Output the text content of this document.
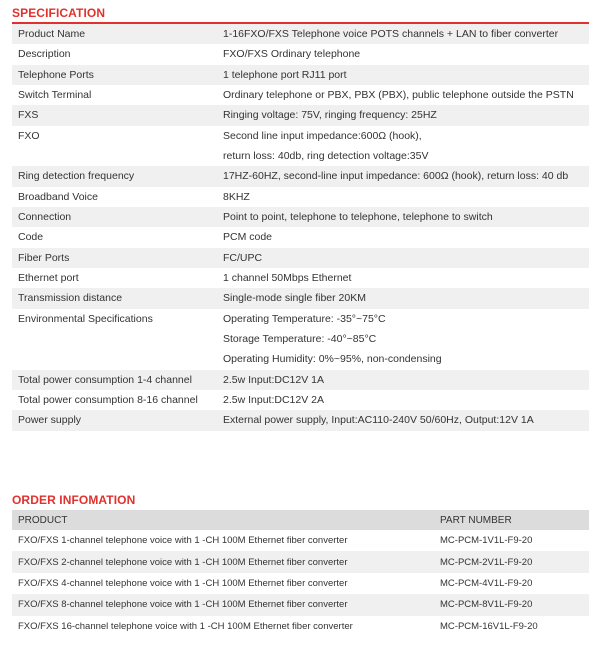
SPECIFICATION
Product Name	1-16FXO/FXS Telephone voice POTS channels + LAN to fiber converter
Description	FXO/FXS Ordinary telephone
Telephone Ports	1 telephone port RJ11 port
Switch Terminal	Ordinary telephone or PBX, PBX (PBX), public telephone outside the PSTN
FXS	Ringing voltage: 75V, ringing frequency: 25HZ
FXO	Second line input impedance:600Ω (hook),
	return loss: 40db, ring detection voltage:35V
Ring detection frequency	17HZ-60HZ, second-line input impedance: 600Ω (hook), return loss: 40 db
Broadband Voice	8KHZ
Connection	Point to point, telephone to telephone, telephone to switch
Code	PCM code
Fiber Ports	FC/UPC
Ethernet port	1 channel 50Mbps Ethernet
Transmission distance	Single-mode single fiber 20KM
Environmental Specifications	Operating Temperature: -35°~75°C
	Storage Temperature: -40°~85°C
	Operating Humidity: 0%~95%, non-condensing
Total power consumption 1-4 channel	2.5w Input:DC12V 1A
Total power consumption 8-16 channel	2.5w Input:DC12V 2A
Power supply	External power supply, Input:AC110-240V 50/60Hz, Output:12V 1A
ORDER INFOMATION
PRODUCT	PART NUMBER
FXO/FXS 1-channel telephone voice with 1 -CH 100M Ethernet fiber converter	MC-PCM-1V1L-F9-20
FXO/FXS 2-channel telephone voice with 1 -CH 100M Ethernet fiber converter	MC-PCM-2V1L-F9-20
FXO/FXS 4-channel telephone voice with 1 -CH 100M Ethernet fiber converter	MC-PCM-4V1L-F9-20
FXO/FXS 8-channel telephone voice with 1 -CH 100M Ethernet fiber converter	MC-PCM-8V1L-F9-20
FXO/FXS 16-channel telephone voice with 1 -CH 100M Ethernet fiber converter	MC-PCM-16V1L-F9-20
